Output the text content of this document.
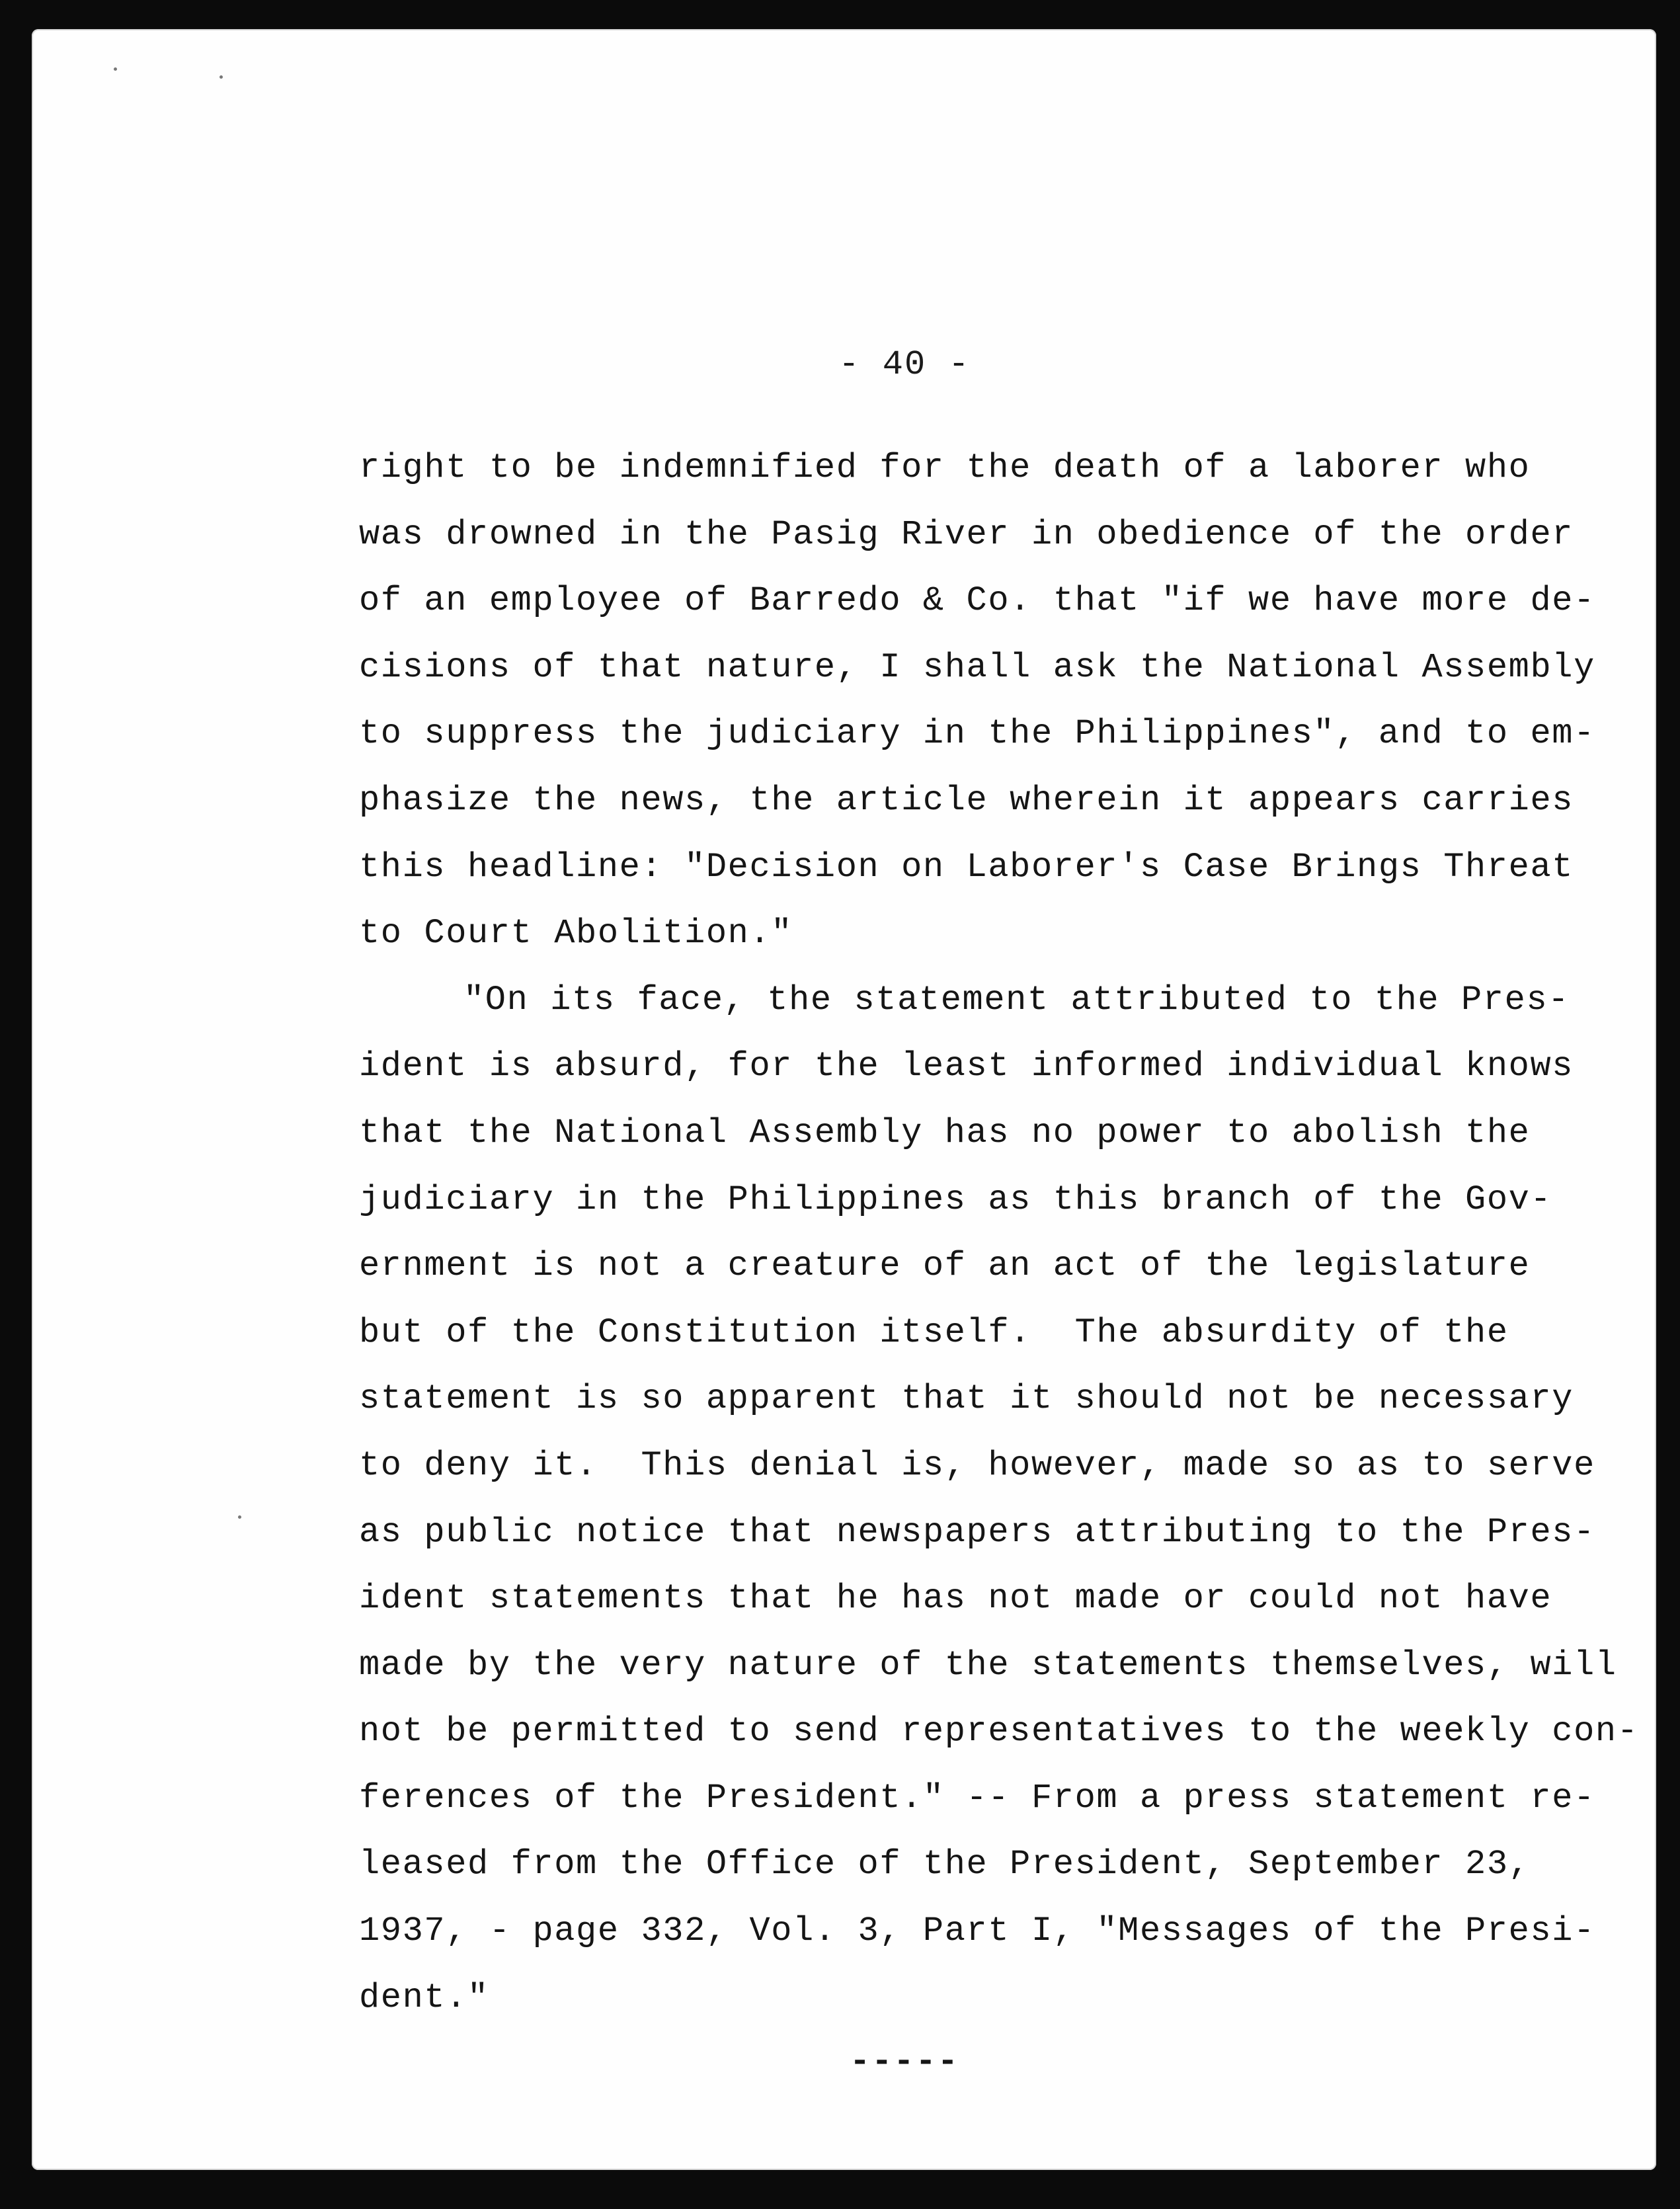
- 40 -
right to be indemnified for the death of a laborer who
was drowned in the Pasig River in obedience of the order
of an employee of Barredo & Co. that "if we have more de-
cisions of that nature, I shall ask the National Assembly
to suppress the judiciary in the Philippines", and to em-
phasize the news, the article wherein it appears carries
this headline: "Decision on Laborer's Case Brings Threat
to Court Abolition."
"On its face, the statement attributed to the Pres-
ident is absurd, for the least informed individual knows
that the National Assembly has no power to abolish the
judiciary in the Philippines as this branch of the Gov-
ernment is not a creature of an act of the legislature
but of the Constitution itself.  The absurdity of the
statement is so apparent that it should not be necessary
to deny it.  This denial is, however, made so as to serve
as public notice that newspapers attributing to the Pres-
ident statements that he has not made or could not have
made by the very nature of the statements themselves, will
not be permitted to send representatives to the weekly con-
ferences of the President." -- From a press statement re-
leased from the Office of the President, September 23,
1937, - page 332, Vol. 3, Part I, "Messages of the Presi-
dent."
-----
